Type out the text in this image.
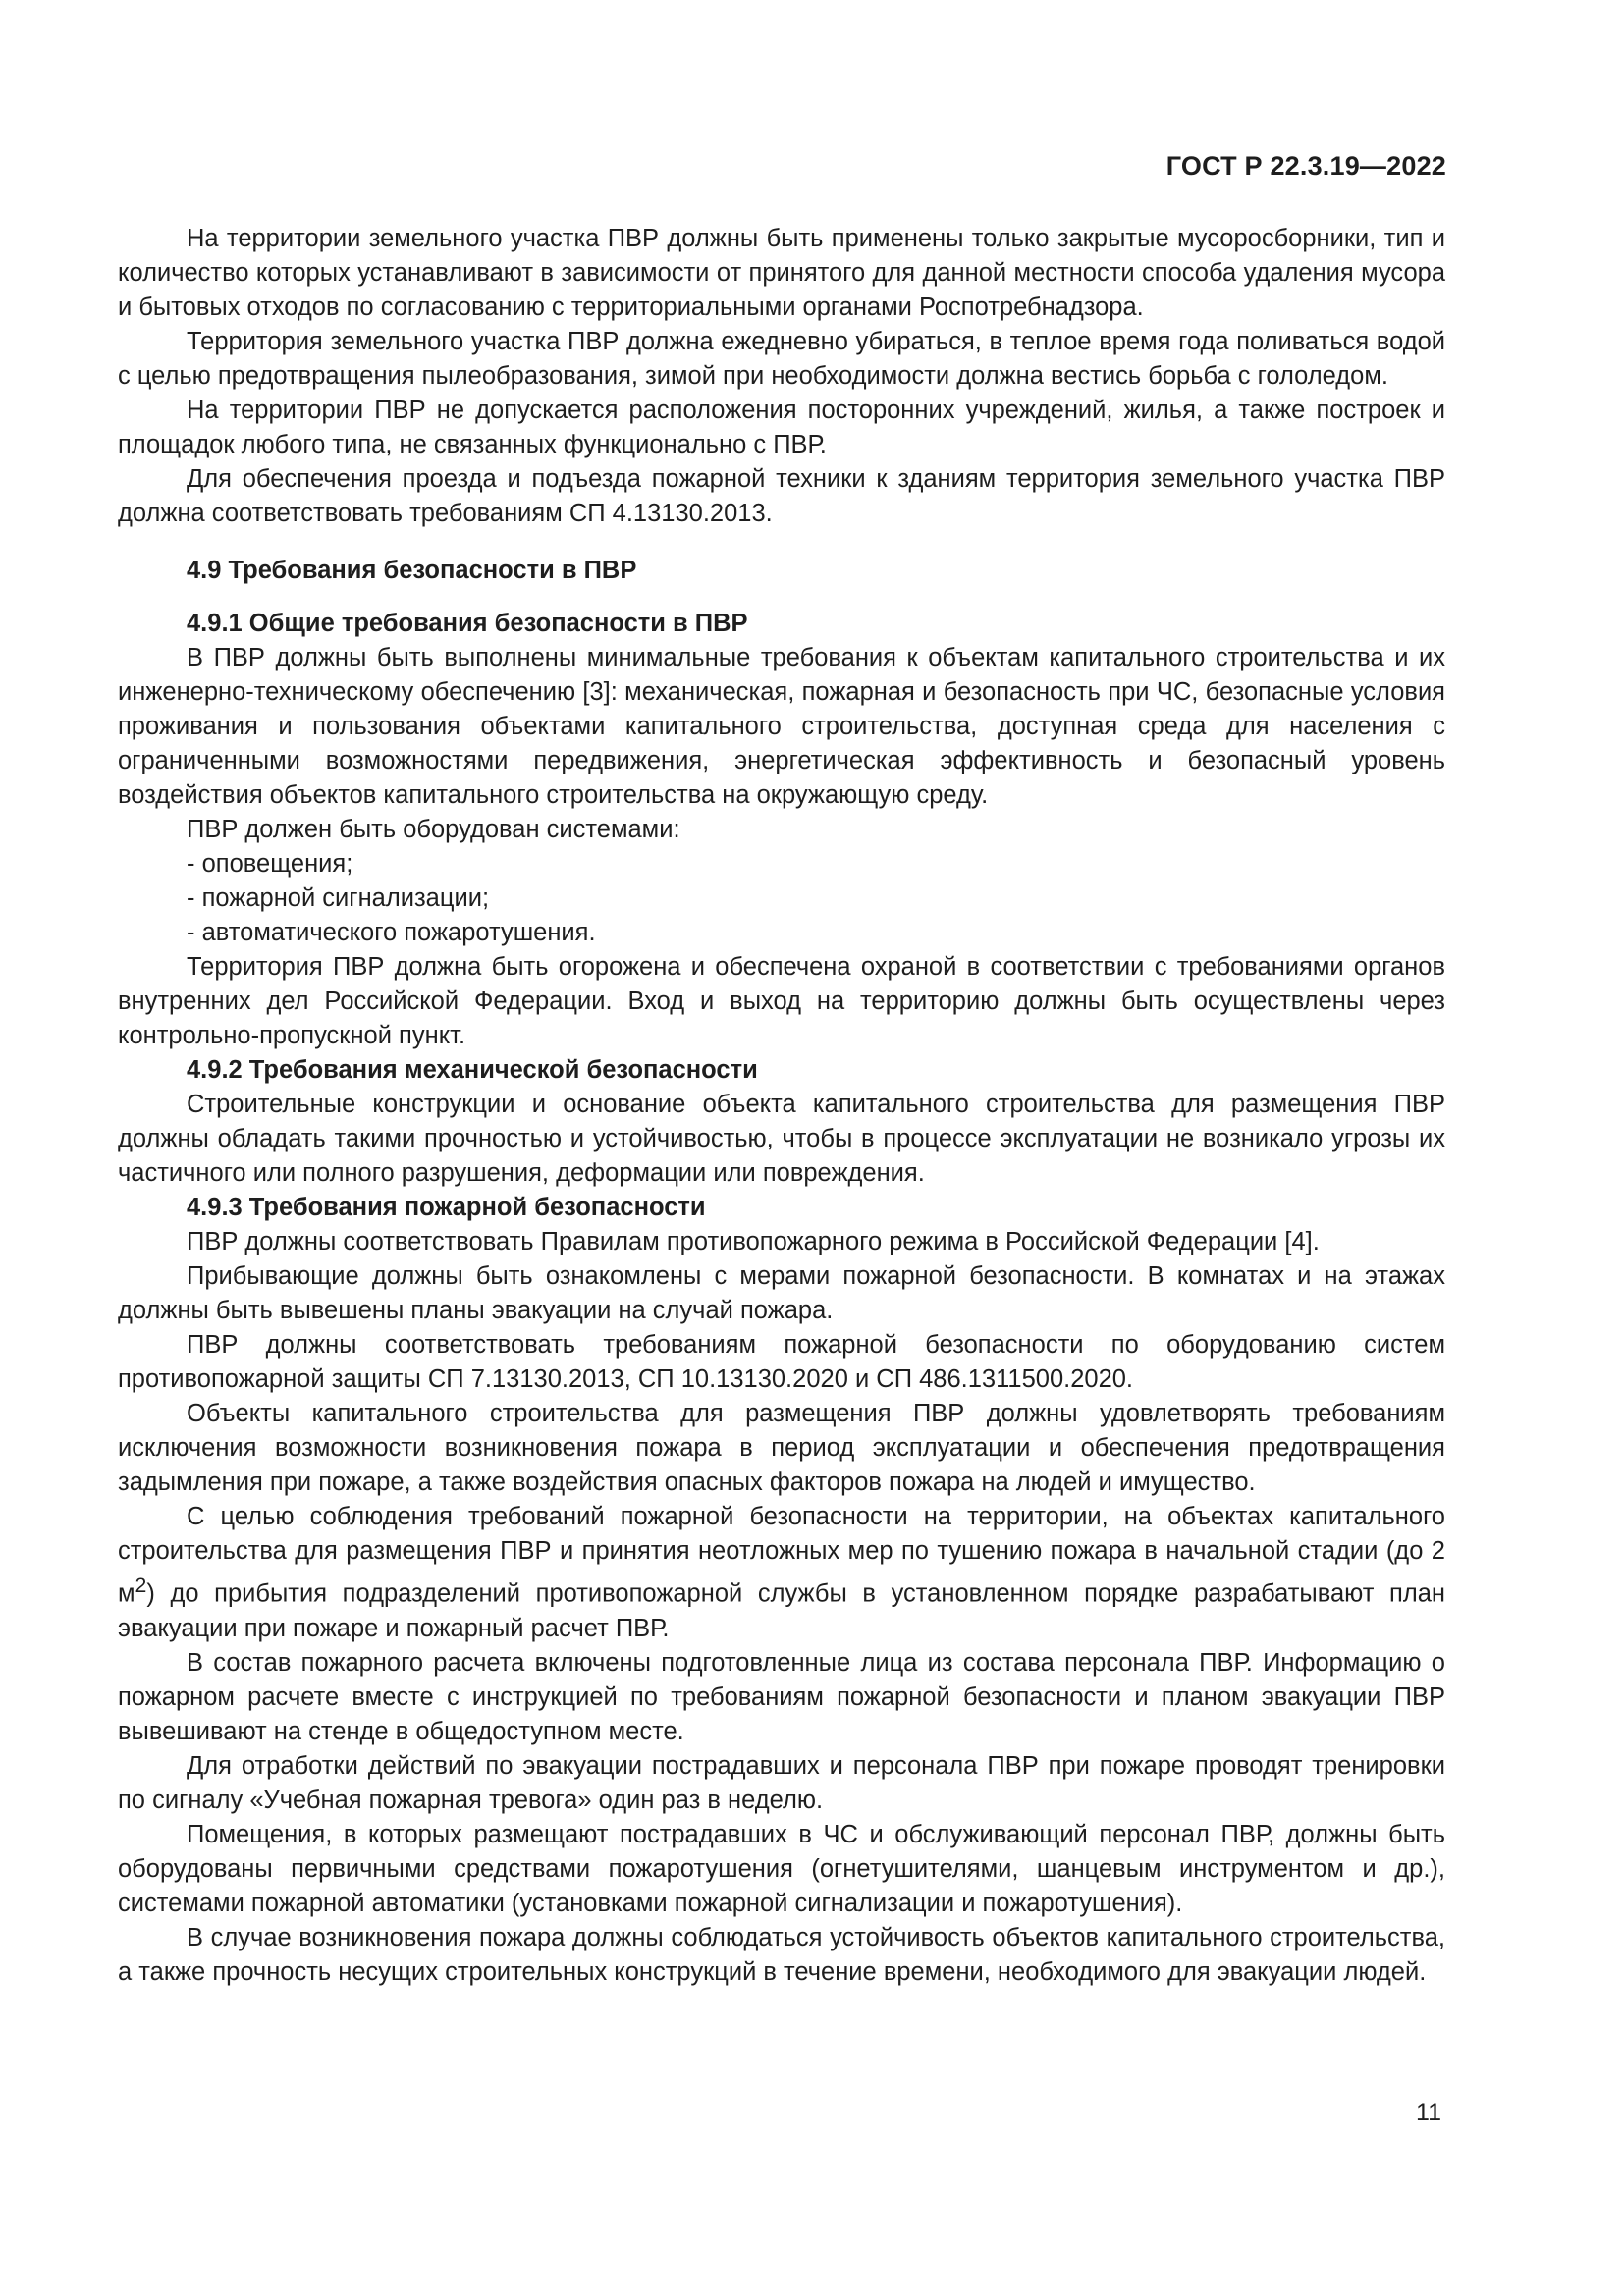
ГОСТ Р 22.3.19—2022

На территории земельного участка ПВР должны быть применены только закрытые мусоросборники, тип и количество которых устанавливают в зависимости от принятого для данной местности способа удаления мусора и бытовых отходов по согласованию с территориальными органами Роспотребнадзора.

Территория земельного участка ПВР должна ежедневно убираться, в теплое время года поливаться водой с целью предотвращения пылеобразования, зимой при необходимости должна вестись борьба с гололедом.

На территории ПВР не допускается расположения посторонних учреждений, жилья, а также построек и площадок любого типа, не связанных функционально с ПВР.

Для обеспечения проезда и подъезда пожарной техники к зданиям территория земельного участка ПВР должна соответствовать требованиям СП 4.13130.2013.

4.9 Требования безопасности в ПВР
4.9.1 Общие требования безопасности в ПВР

В ПВР должны быть выполнены минимальные требования к объектам капитального строительства и их инженерно-техническому обеспечению [3]: механическая, пожарная и безопасность при ЧС, безопасные условия проживания и пользования объектами капитального строительства, доступная среда для населения с ограниченными возможностями передвижения, энергетическая эффективность и безопасный уровень воздействия объектов капитального строительства на окружающую среду.

ПВР должен быть оборудован системами:

- оповещения;

- пожарной сигнализации;

- автоматического пожаротушения.

Территория ПВР должна быть огорожена и обеспечена охраной в соответствии с требованиями органов внутренних дел Российской Федерации. Вход и выход на территорию должны быть осуществлены через контрольно-пропускной пункт.

4.9.2 Требования механической безопасности

Строительные конструкции и основание объекта капитального строительства для размещения ПВР должны обладать такими прочностью и устойчивостью, чтобы в процессе эксплуатации не возникало угрозы их частичного или полного разрушения, деформации или повреждения.

4.9.3 Требования пожарной безопасности

ПВР должны соответствовать Правилам противопожарного режима в Российской Федерации [4].

Прибывающие должны быть ознакомлены с мерами пожарной безопасности. В комнатах и на этажах должны быть вывешены планы эвакуации на случай пожара.

ПВР должны соответствовать требованиям пожарной безопасности по оборудованию систем противопожарной защиты СП 7.13130.2013, СП 10.13130.2020 и СП 486.1311500.2020.

Объекты капитального строительства для размещения ПВР должны удовлетворять требованиям исключения возможности возникновения пожара в период эксплуатации и обеспечения предотвращения задымления при пожаре, а также воздействия опасных факторов пожара на людей и имущество.

С целью соблюдения требований пожарной безопасности на территории, на объектах капитального строительства для размещения ПВР и принятия неотложных мер по тушению пожара в начальной стадии (до 2 $м^2$) до прибытия подразделений противопожарной службы в установленном порядке разрабатывают план эвакуации при пожаре и пожарный расчет ПВР.

В состав пожарного расчета включены подготовленные лица из состава персонала ПВР. Информацию о пожарном расчете вместе с инструкцией по требованиям пожарной безопасности и планом эвакуации ПВР вывешивают на стенде в общедоступном месте.

Для отработки действий по эвакуации пострадавших и персонала ПВР при пожаре проводят тренировки по сигналу «Учебная пожарная тревога» один раз в неделю.

Помещения, в которых размещают пострадавших в ЧС и обслуживающий персонал ПВР, должны быть оборудованы первичными средствами пожаротушения (огнетушителями, шанцевым инструментом и др.), системами пожарной автоматики (установками пожарной сигнализации и пожаротушения).

В случае возникновения пожара должны соблюдаться устойчивость объектов капитального строительства, а также прочность несущих строительных конструкций в течение времени, необходимого для эвакуации людей.

11
